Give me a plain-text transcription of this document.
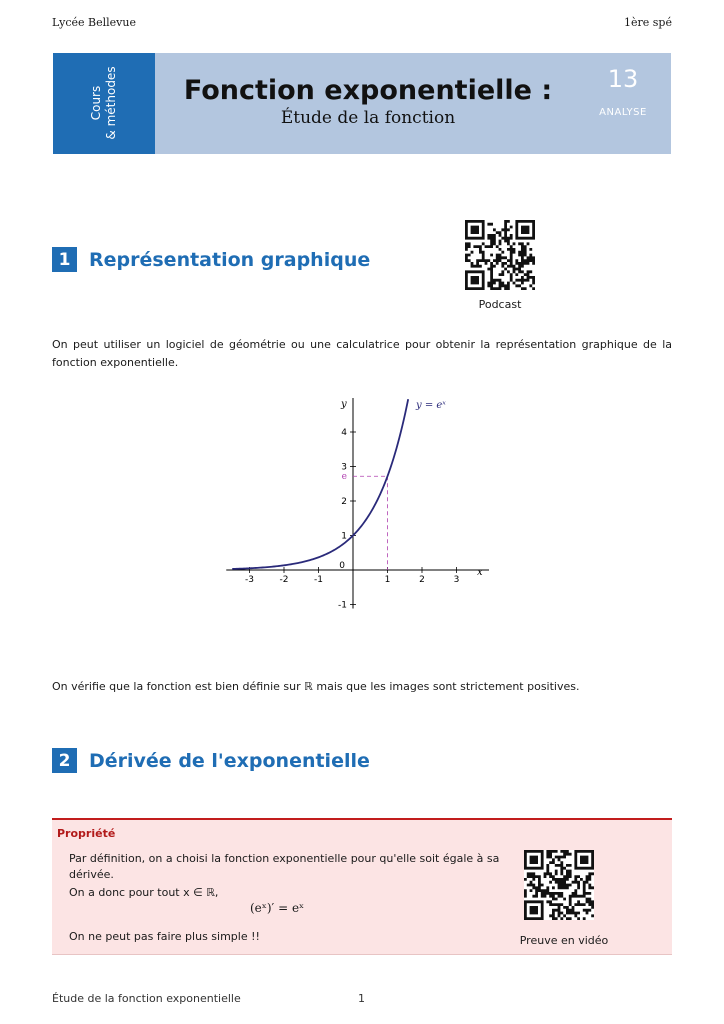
Lycée Bellevue	1ère spé
Cours & méthodes	Fonction exponentielle :
Étude de la fonction
13
ANALYSE
1 Représentation graphique
Podcast
On peut utiliser un logiciel de géométrie ou une calculatrice pour obtenir la représentation graphique de la fonction exponentielle.
-3	-2	-1	1	2	3
-1
1
2
3
4
0
x
y
e
y = eˣ
On vérifie que la fonction est bien définie sur ℝ mais que les images sont strictement positives.
2 Dérivée de l'exponentielle
Propriété
Par définition, on a choisi la fonction exponentielle pour qu'elle soit égale à sa
dérivée.
On a donc pour tout x ∈ ℝ,
(eˣ)′ = eˣ
On ne peut pas faire plus simple !!	Preuve en vidéo
Étude de la fonction exponentielle	1
